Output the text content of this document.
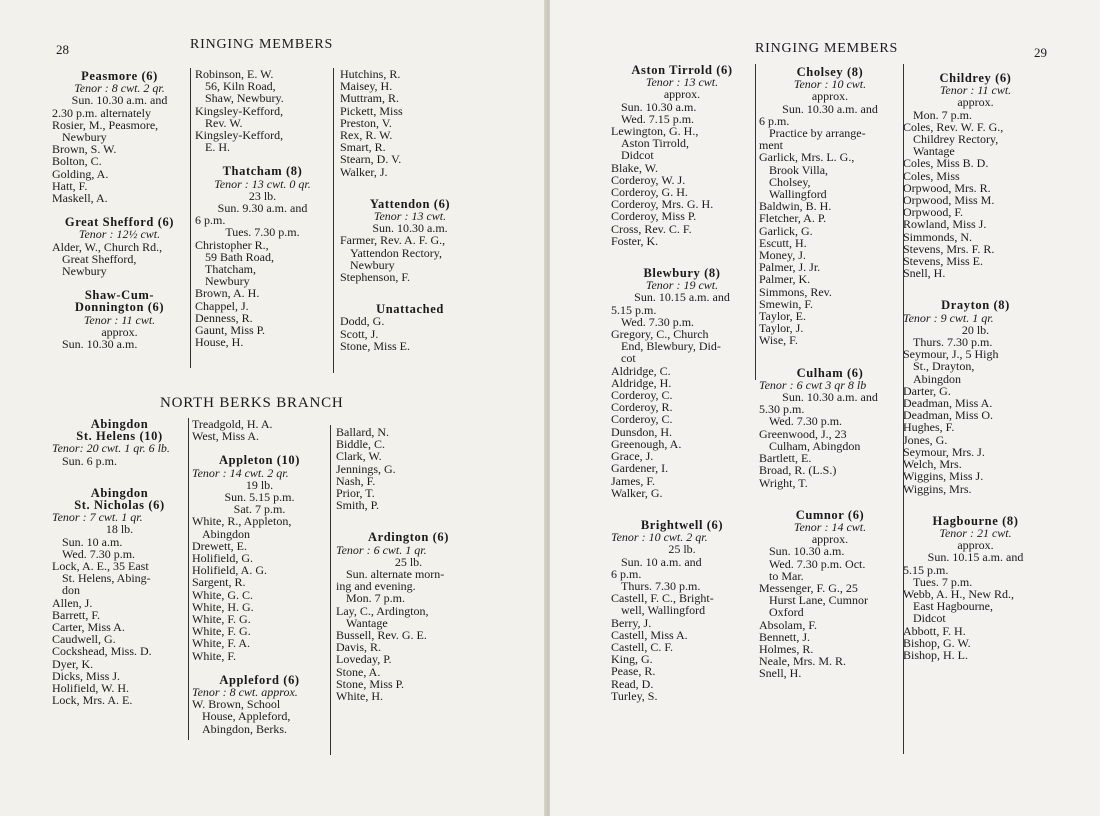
28	RINGING MEMBERS
Peasmore (6)
Tenor : 8 cwt. 2 qr.
Sun. 10.30 a.m. and
2.30 p.m. alternately
Rosier, M., Peasmore,
Newbury
Brown, S. W.
Bolton, C.
Golding, A.
Hatt, F.
Maskell, A.
Great Shefford (6)
Tenor : 12½ cwt.
Alder, W., Church Rd.,
Great Shefford,
Newbury
Shaw-Cum-
Donnington (6)
Tenor : 11 cwt.
approx.
Sun. 10.30 a.m.
Robinson, E. W.
56, Kiln Road,
Shaw, Newbury.
Kingsley-Kefford,
Rev. W.
Kingsley-Kefford,
E. H.
Thatcham (8)
Tenor : 13 cwt. 0 qr.
23 lb.
Sun. 9.30 a.m. and
6 p.m.
Tues. 7.30 p.m.
Christopher R.,
59 Bath Road,
Thatcham,
Newbury
Brown, A. H.
Chappel, J.
Denness, R.
Gaunt, Miss P.
House, H.
Hutchins, R.
Maisey, H.
Muttram, R.
Pickett, Miss
Preston, V.
Rex, R. W.
Smart, R.
Stearn, D. V.
Walker, J.
Yattendon (6)
Tenor : 13 cwt.
Sun. 10.30 a.m.
Farmer, Rev. A. F. G.,
Yattendon Rectory,
Newbury
Stephenson, F.
Unattached
Dodd, G.
Scott, J.
Stone, Miss E.
NORTH BERKS BRANCH
Abingdon
St. Helens (10)
Tenor: 20 cwt. 1 qr. 6 lb.
Sun. 6 p.m.
Abingdon
St. Nicholas (6)
Tenor : 7 cwt. 1 qr.
18 lb.
Sun. 10 a.m.
Wed. 7.30 p.m.
Lock, A. E., 35 East
St. Helens, Abing-
don
Allen, J.
Barrett, F.
Carter, Miss A.
Caudwell, G.
Cockshead, Miss. D.
Dyer, K.
Dicks, Miss J.
Holifield, W. H.
Lock, Mrs. A. E.
Treadgold, H. A.
West, Miss A.
Appleton (10)
Tenor : 14 cwt. 2 qr.
19 lb.
Sun. 5.15 p.m.
Sat. 7 p.m.
White, R., Appleton,
Abingdon
Drewett, E.
Holifield, G.
Holifield, A. G.
Sargent, R.
White, G. C.
White, H. G.
White, F. G.
White, F. G.
White, F. A.
White, F.
Appleford (6)
Tenor : 8 cwt. approx.
W. Brown, School
House, Appleford,
Abingdon, Berks.
Ballard, N.
Biddle, C.
Clark, W.
Jennings, G.
Nash, F.
Prior, T.
Smith, P.
Ardington (6)
Tenor : 6 cwt. 1 qr.
25 lb.
Sun. alternate morn-
ing and evening.
Mon. 7 p.m.
Lay, C., Ardington,
Wantage
Bussell, Rev. G. E.
Davis, R.
Loveday, P.
Stone, A.
Stone, Miss P.
White, H.
RINGING MEMBERS	29
Aston Tirrold (6)
Tenor : 13 cwt.
approx.
Sun. 10.30 a.m.
Wed. 7.15 p.m.
Lewington, G. H.,
Aston Tirrold,
Didcot
Blake, W.
Corderoy, W. J.
Corderoy, G. H.
Corderoy, Mrs. G. H.
Corderoy, Miss P.
Cross, Rev. C. F.
Foster, K.
Blewbury (8)
Tenor : 19 cwt.
Sun. 10.15 a.m. and
5.15 p.m.
Wed. 7.30 p.m.
Gregory, C., Church
End, Blewbury, Did-
cot
Aldridge, C.
Aldridge, H.
Corderoy, C.
Corderoy, R.
Corderoy, C.
Dunsdon, H.
Greenough, A.
Grace, J.
Gardener, I.
James, F.
Walker, G.
Brightwell (6)
Tenor : 10 cwt. 2 qr.
25 lb.
Sun. 10 a.m. and
6 p.m.
Thurs. 7.30 p.m.
Castell, F. C., Bright-
well, Wallingford
Berry, J.
Castell, Miss A.
Castell, C. F.
King, G.
Pease, R.
Read, D.
Turley, S.
Cholsey (8)
Tenor : 10 cwt.
approx.
Sun. 10.30 a.m. and
6 p.m.
Practice by arrange-
ment
Garlick, Mrs. L. G.,
Brook Villa,
Cholsey,
Wallingford
Baldwin, B. H.
Fletcher, A. P.
Garlick, G.
Escutt, H.
Money, J.
Palmer, J. Jr.
Palmer, K.
Simmons, Rev.
Smewin, F.
Taylor, E.
Taylor, J.
Wise, F.
Culham (6)
Tenor : 6 cwt 3 qr 8 lb
Sun. 10.30 a.m. and
5.30 p.m.
Wed. 7.30 p.m.
Greenwood, J., 23
Culham, Abingdon
Bartlett, E.
Broad, R. (L.S.)
Wright, T.
Cumnor (6)
Tenor : 14 cwt.
approx.
Sun. 10.30 a.m.
Wed. 7.30 p.m. Oct.
to Mar.
Messenger, F. G., 25
Hurst Lane, Cumnor
Oxford
Absolam, F.
Bennett, J.
Holmes, R.
Neale, Mrs. M. R.
Snell, H.
Childrey (6)
Tenor : 11 cwt.
approx.
Mon. 7 p.m.
Coles, Rev. W. F. G.,
Childrey Rectory,
Wantage
Coles, Miss B. D.
Coles, Miss
Orpwood, Mrs. R.
Orpwood, Miss M.
Orpwood, F.
Rowland, Miss J.
Simmonds, N.
Stevens, Mrs. F. R.
Stevens, Miss E.
Snell, H.
Drayton (8)
Tenor : 9 cwt. 1 qr.
20 lb.
Thurs. 7.30 p.m.
Seymour, J., 5 High
St., Drayton,
Abingdon
Darter, G.
Deadman, Miss A.
Deadman, Miss O.
Hughes, F.
Jones, G.
Seymour, Mrs. J.
Welch, Mrs.
Wiggins, Miss J.
Wiggins, Mrs.
Hagbourne (8)
Tenor : 21 cwt.
approx.
Sun. 10.15 a.m. and
5.15 p.m.
Tues. 7 p.m.
Webb, A. H., New Rd.,
East Hagbourne,
Didcot
Abbott, F. H.
Bishop, G. W.
Bishop, H. L.
